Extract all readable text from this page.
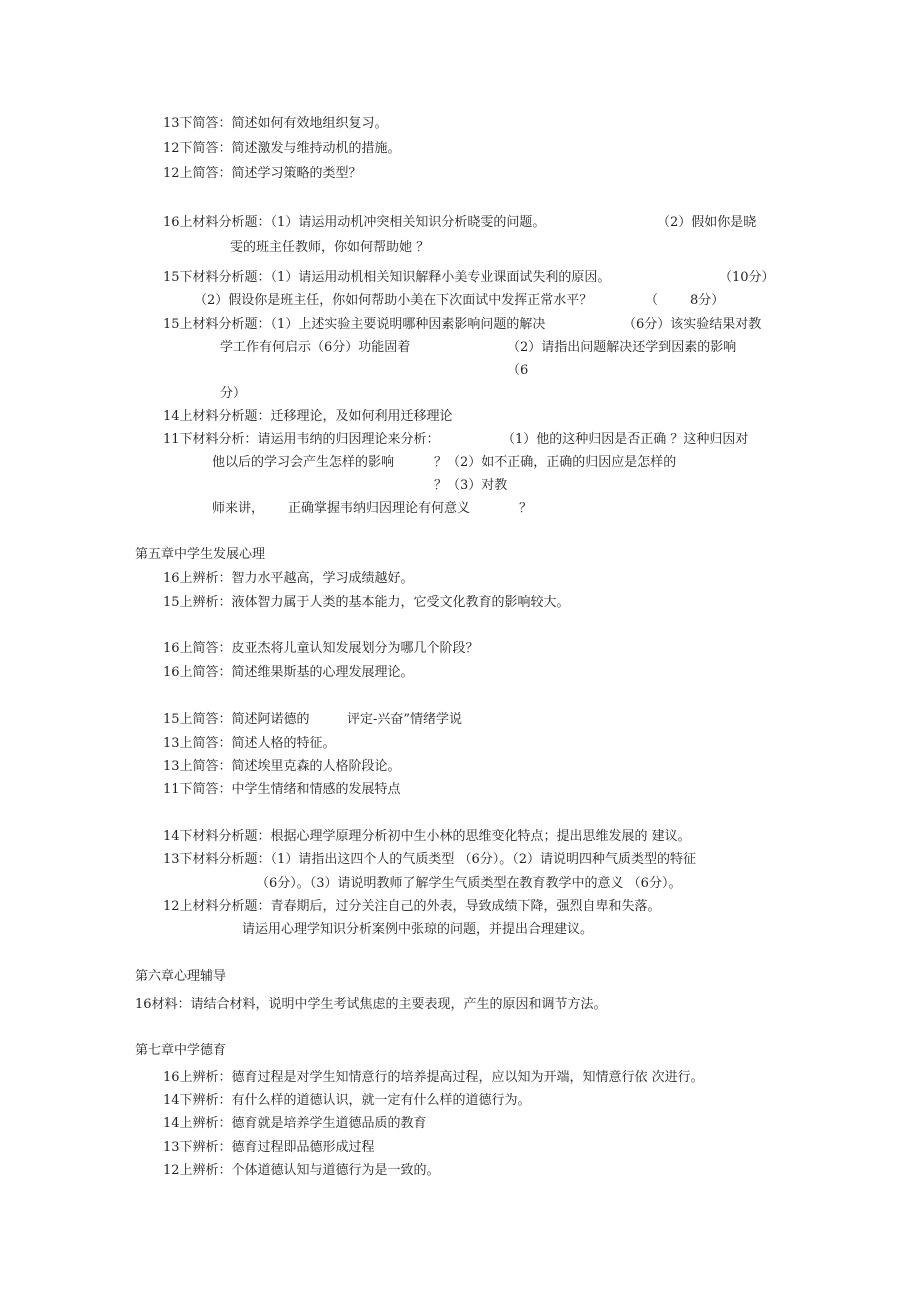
13下简答：简述如何有效地组织复习。
12下简答：简述激发与维持动机的措施。
12上简答：简述学习策略的类型？
16上材料分析题：（1）请运用动机冲突相关知识分析晓雯的问题。	（2）假如你是晓
雯的班主任教师，你如何帮助她 ？
15下材料分析题：（1）请运用动机相关知识解释小美专业课面试失利的原因。	（10分）
（2）假设你是班主任，你如何帮助小美在下次面试中发挥正常水平？	（ 8分）
15上材料分析题：（1）上述实验主要说明哪种因素影响问题的解决	（6分）该实验结果对教
学工作有何启示（6分）功能固着	（2）请指出问题解决还学到因素的影响
（6
分）
14上材料分析题：迁移理论，及如何利用迁移理论
11下材料分析：请运用韦纳的归因理论来分析：	（1）他的这种归因是否正确 ？这种归因对
他以后的学习会产生怎样的影响	？（2）如不正确，正确的归因应是怎样的
？（3）对教
师来讲， 正确掌握韦纳归因理论有何意义	？
第五章中学生发展心理
16上辨析：智力水平越高，学习成绩越好。
15上辨析：液体智力属于人类的基本能力，它受文化教育的影响较大。
16上简答：皮亚杰将儿童认知发展划分为哪几个阶段？
16上简答：简述维果斯基的心理发展理论。
15上简答：简述阿诺德的	评定-兴奋”情绪学说
13上简答：简述人格的特征。
13上简答：简述埃里克森的人格阶段论。
11下简答：中学生情绪和情感的发展特点
14下材料分析题：根据心理学原理分析初中生小林的思维变化特点；提出思维发展的 建议。
13下材料分析题：（1）请指出这四个人的气质类型 （6分）。（2）请说明四种气质类型的特征
（6分）。（3）请说明教师了解学生气质类型在教育教学中的意义 （6分）。
12上材料分析题：青春期后，过分关注自己的外表，导致成绩下降，强烈自卑和失落。
请运用心理学知识分析案例中张琼的问题，并提出合理建议。
第六章心理辅导
16材料：请结合材料，说明中学生考试焦虑的主要表现，产生的原因和调节方法。
第七章中学德育
16上辨析：德育过程是对学生知情意行的培养提高过程，应以知为开端，知情意行依 次进行。
14下辨析：有什么样的道德认识，就一定有什么样的道德行为。
14上辨析：德育就是培养学生道德品质的教育
13下辨析：德育过程即品德形成过程
12上辨析：个体道德认知与道德行为是一致的。
